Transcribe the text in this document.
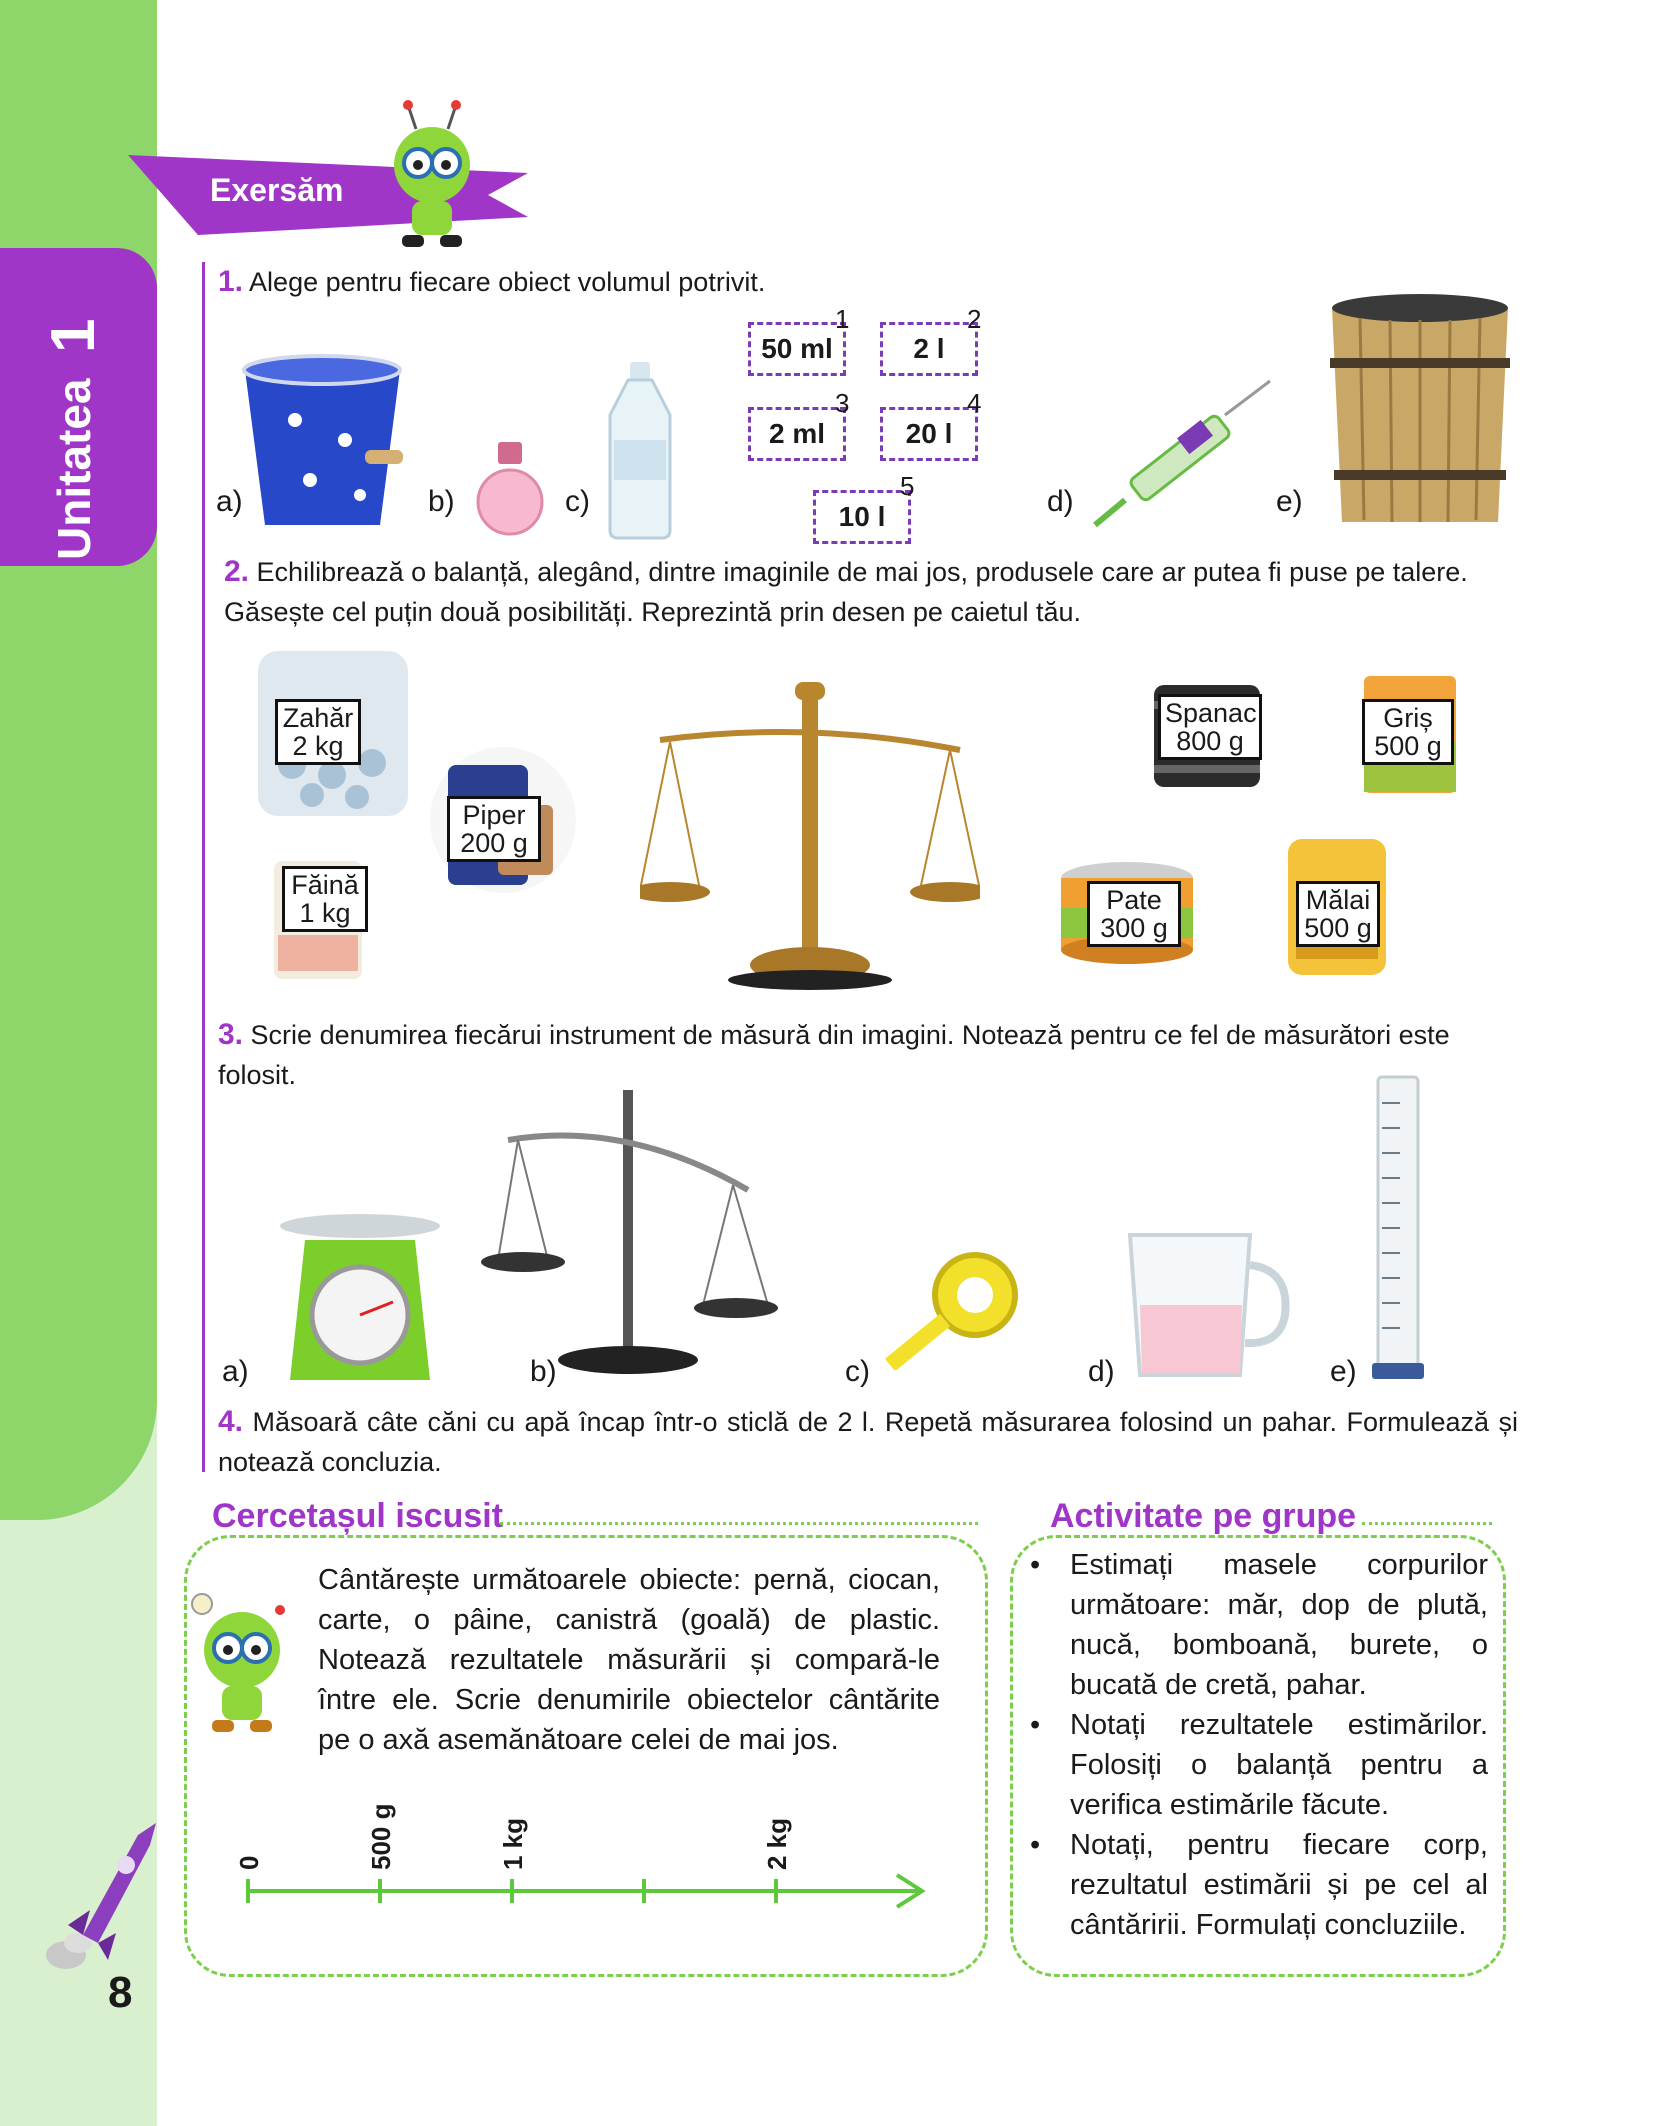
Unitatea  1
8
Exersăm
1. Alege pentru fiecare obiect volumul potrivit.
a)	b)	c)
50 ml
1
2 l
2
2 ml
3
20 l
4
10 l
5	d)	e)
2. Echilibrează o balanță, alegând, dintre imaginile de mai jos, produsele care ar putea fi puse pe talere. Găsește cel puțin două posibilități. Reprezintă prin desen pe caietul tău.
Zahăr
2 kg
Piper
200 g
Făină
1 kg
Spanac
800 g
Griș
500 g
Pate
300 g
Mălai
500 g
3. Scrie denumirea fiecărui instrument de măsură din imagini. Notează pentru ce fel de măsurători este folosit.
a)	b)	c)	d)	e)
4. Măsoară câte căni cu apă încap într-o sticlă de 2 l. Repetă măsurarea folosind un pahar. Formulează și notează concluzia.
Cercetașul iscusit
Cântărește următoarele obiecte: pernă, ciocan, carte, o pâine, canistră (goală) de plastic. Notează rezultatele măsurării și compară-le între ele. Scrie denumirile obiectelor cântărite pe o axă asemănătoare celei de mai jos.
0	500 g	1 kg	2 kg
Activitate pe grupe
•	Estimați masele corpurilor următoare: măr, dop de plută, nucă, bomboană, burete, o bucată de cretă, pahar.
•	Notați rezultatele estimărilor. Folosiți o balanță pentru a verifica estimările făcute.
•	Notați, pentru fiecare corp, rezultatul estimării și pe cel al cântăririi. Formulați concluziile.
